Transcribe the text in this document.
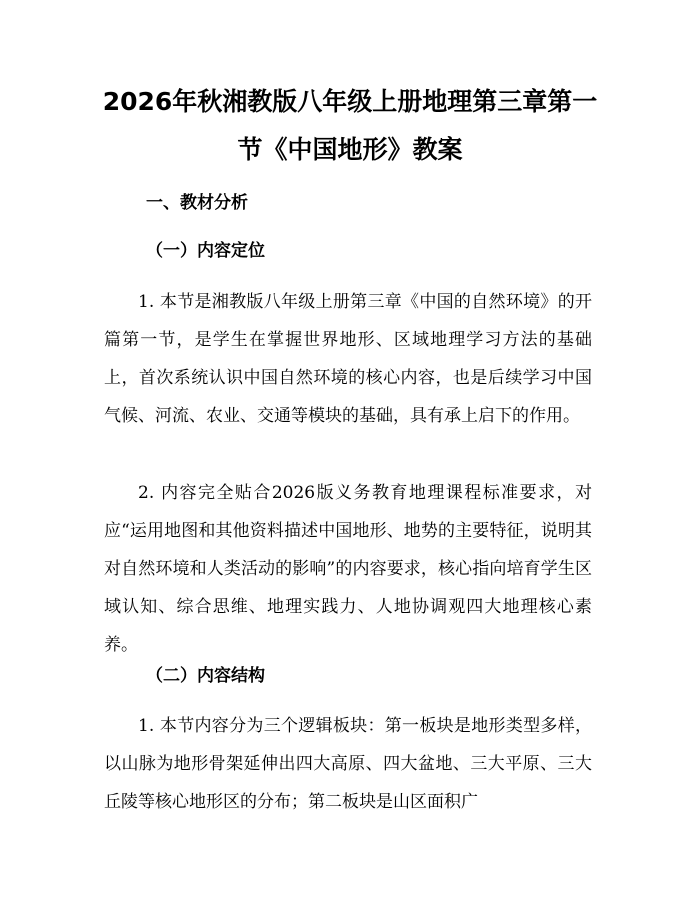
2026年秋湘教版八年级上册地理第三章第一
节《中国地形》教案
一、教材分析
（一）内容定位

1. 本节是湘教版八年级上册第三章《中国的自然环境》的开篇第一节，是学生在掌握世界地形、区域地理学习方法的基础上，首次系统认识中国自然环境的核心内容，也是后续学习中国气候、河流、农业、交通等模块的基础，具有承上启下的作用。

2. 内容完全贴合2026版义务教育地理课程标准要求，对应“运用地图和其他资料描述中国地形、地势的主要特征，说明其对自然环境和人类活动的影响”的内容要求，核心指向培育学生区域认知、综合思维、地理实践力、人地协调观四大地理核心素养。

（二）内容结构

1. 本节内容分为三个逻辑板块：第一板块是地形类型多样，以山脉为地形骨架延伸出四大高原、四大盆地、三大平原、三大丘陵等核心地形区的分布；第二板块是山区面积广
